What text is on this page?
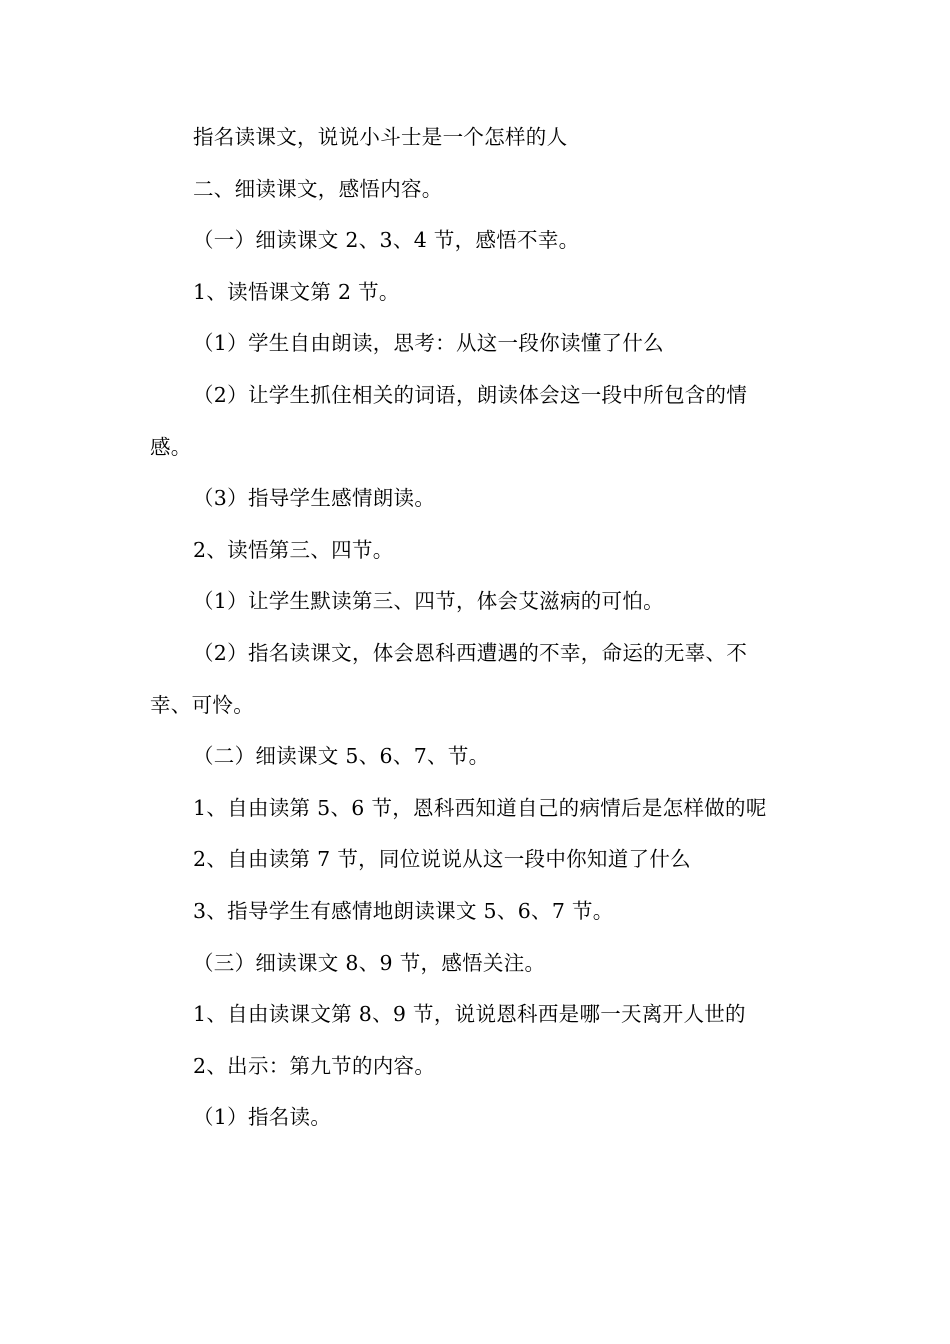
指名读课文，说说小斗士是一个怎样的人
二、细读课文，感悟内容。
（一）细读课文 2、3、4 节，感悟不幸。
1、读悟课文第 2 节。
（1）学生自由朗读，思考：从这一段你读懂了什么
（2）让学生抓住相关的词语，朗读体会这一段中所包含的情
感。
（3）指导学生感情朗读。
2、读悟第三、四节。
（1）让学生默读第三、四节，体会艾滋病的可怕。
（2）指名读课文，体会恩科西遭遇的不幸，命运的无辜、不
幸、可怜。
（二）细读课文 5、6、7、节。
1、自由读第 5、6 节，恩科西知道自己的病情后是怎样做的呢
2、自由读第 7 节，同位说说从这一段中你知道了什么
3、指导学生有感情地朗读课文 5、6、7 节。
（三）细读课文 8、9 节，感悟关注。
1、自由读课文第 8、9 节，说说恩科西是哪一天离开人世的
2、出示：第九节的内容。
（1）指名读。
